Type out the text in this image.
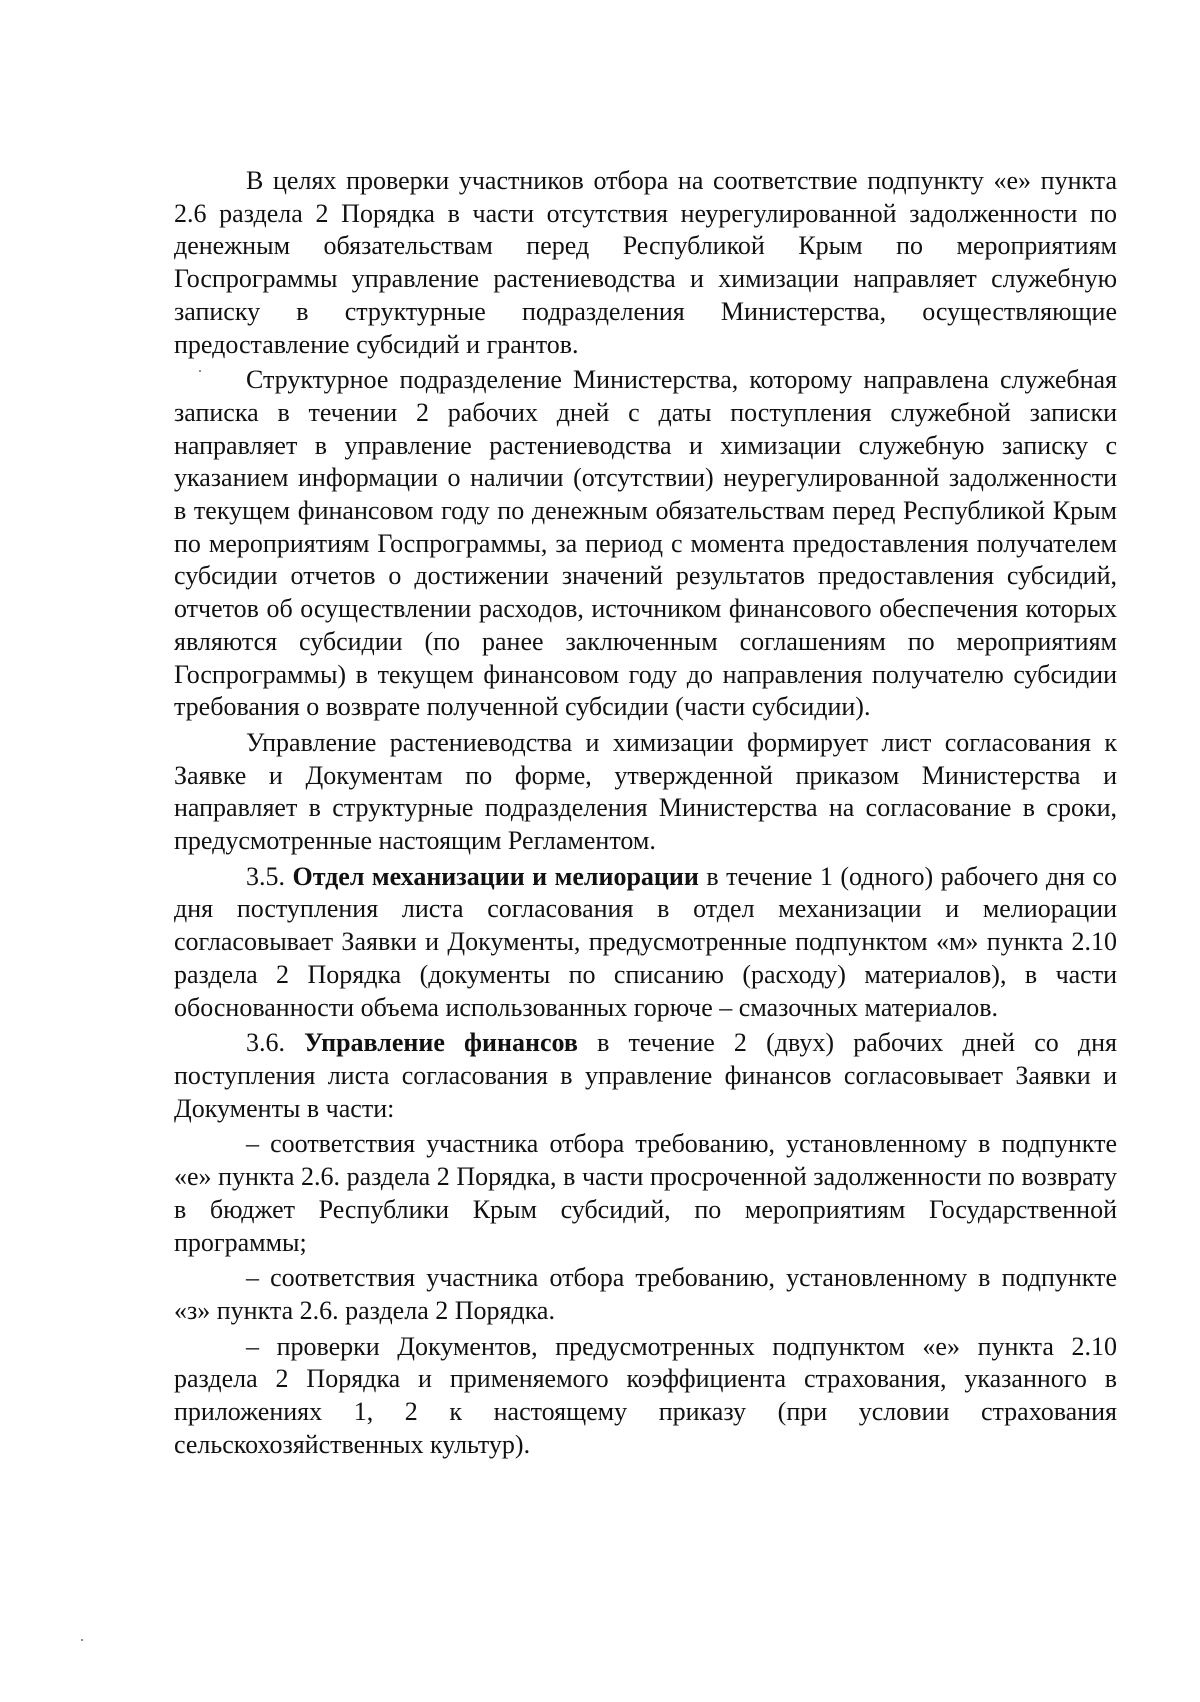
В целях проверки участников отбора на соответствие подпункту «е» пункта 2.6 раздела 2 Порядка в части отсутствия неурегулированной задолженности по денежным обязательствам перед Республикой Крым по мероприятиям Госпрограммы управление растениеводства и химизации направляет служебную записку в структурные подразделения Министерства, осуществляющие предоставление субсидий и грантов.

Структурное подразделение Министерства, которому направлена служебная записка в течении 2 рабочих дней с даты поступления служебной записки направляет в управление растениеводства и химизации служебную записку с указанием информации о наличии (отсутствии) неурегулированной задолженности в текущем финансовом году по денежным обязательствам перед Республикой Крым по мероприятиям Госпрограммы, за период с момента предоставления получателем субсидии отчетов о достижении значений результатов предоставления субсидий, отчетов об осуществлении расходов, источником финансового обеспечения которых являются субсидии (по ранее заключенным соглашениям по мероприятиям Госпрограммы) в текущем финансовом году до направления получателю субсидии требования о возврате полученной субсидии (части субсидии).

Управление растениеводства и химизации формирует лист согласования к Заявке и Документам по форме, утвержденной приказом Министерства и направляет в структурные подразделения Министерства на согласование в сроки, предусмотренные настоящим Регламентом.

3.5. Отдел механизации и мелиорации в течение 1 (одного) рабочего дня со дня поступления листа согласования в отдел механизации и мелиорации согласовывает Заявки и Документы, предусмотренные подпунктом «м» пункта 2.10 раздела 2 Порядка (документы по списанию (расходу) материалов), в части обоснованности объема использованных горюче – смазочных материалов.

3.6. Управление финансов в течение 2 (двух) рабочих дней со дня поступления листа согласования в управление финансов согласовывает Заявки и Документы в части:

– соответствия участника отбора требованию, установленному в подпункте «е» пункта 2.6. раздела 2 Порядка, в части просроченной задолженности по возврату в бюджет Республики Крым субсидий, по мероприятиям Государственной программы;

– соответствия участника отбора требованию, установленному в подпункте «з» пункта 2.6. раздела 2 Порядка.

– проверки Документов, предусмотренных подпунктом «е» пункта 2.10 раздела 2 Порядка и применяемого коэффициента страхования, указанного в приложениях 1, 2 к настоящему приказу (при условии страхования сельскохозяйственных культур).
